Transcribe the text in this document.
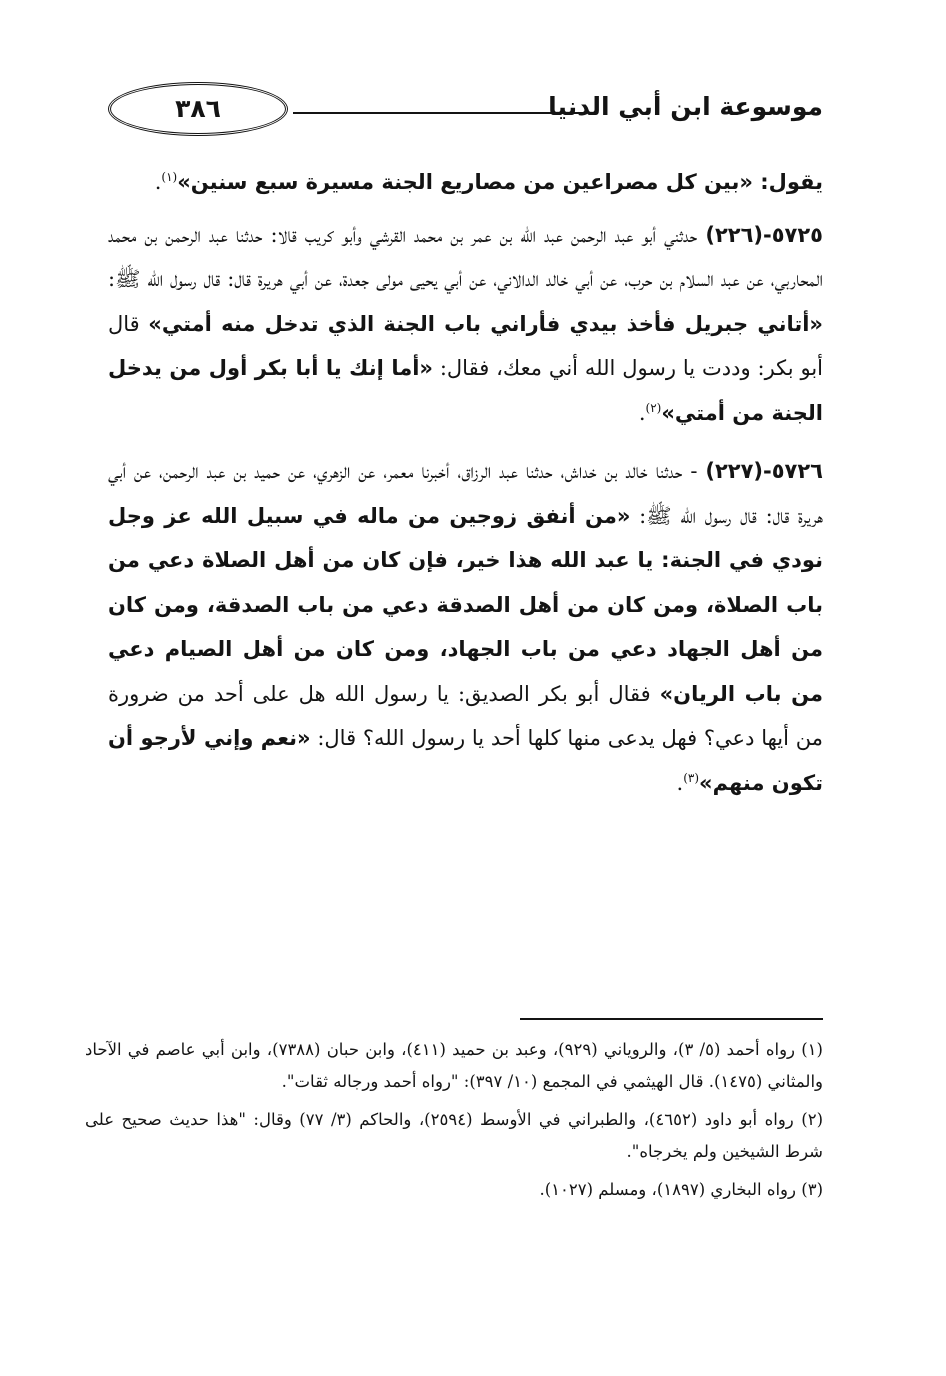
٣٨٦	موسوعة ابن أبي الدنيا

يقول: «بين كل مصراعين من مصاريع الجنة مسيرة سبع سنين»$^{(١)}$.

٥٧٢٥-(٢٢٦) حدثني أبو عبد الرحمن عبد الله بن عمر بن محمد القرشي وأبو كريب قالا: حدثنا عبد الرحمن بن محمد المحاربي، عن عبد السلام بن حرب، عن أبي خالد الدالاني، عن أبي يحيى مولى جعدة، عن أبي هريرة قال: قال رسول الله ﷺ: «أتاني جبريل فأخذ بيدي فأراني باب الجنة الذي تدخل منه أمتي» قال أبو بكر: وددت يا رسول الله أني معك، فقال: «أما إنك يا أبا بكر أول من يدخل الجنة من أمتي»$^{(٢)}$.

٥٧٢٦-(٢٢٧) - حدثنا خالد بن خداش، حدثنا عبد الرزاق، أخبرنا معمر، عن الزهري، عن حميد بن عبد الرحمن، عن أبي هريرة قال: قال رسول الله ﷺ: «من أنفق زوجين من ماله في سبيل الله عز وجل نودي في الجنة: يا عبد الله هذا خير، فإن كان من أهل الصلاة دعي من باب الصلاة، ومن كان من أهل الصدقة دعي من باب الصدقة، ومن كان من أهل الجهاد دعي من باب الجهاد، ومن كان من أهل الصيام دعي من باب الريان» فقال أبو بكر الصديق: يا رسول الله هل على أحد من ضرورة من أيها دعي؟ فهل يدعى منها كلها أحد يا رسول الله؟ قال: «نعم وإني لأرجو أن تكون منهم»$^{(٣)}$.

(١) رواه أحمد (٥/ ٣)، والروياني (٩٢٩)، وعبد بن حميد (٤١١)، وابن حبان (٧٣٨٨)، وابن أبي عاصم في الآحاد والمثاني (١٤٧٥). قال الهيثمي في المجمع (١٠/ ٣٩٧): "رواه أحمد ورجاله ثقات".

(٢) رواه أبو داود (٤٦٥٢)، والطبراني في الأوسط (٢٥٩٤)، والحاكم (٣/ ٧٧) وقال: "هذا حديث صحيح على شرط الشيخين ولم يخرجاه".

(٣) رواه البخاري (١٨٩٧)، ومسلم (١٠٢٧).
